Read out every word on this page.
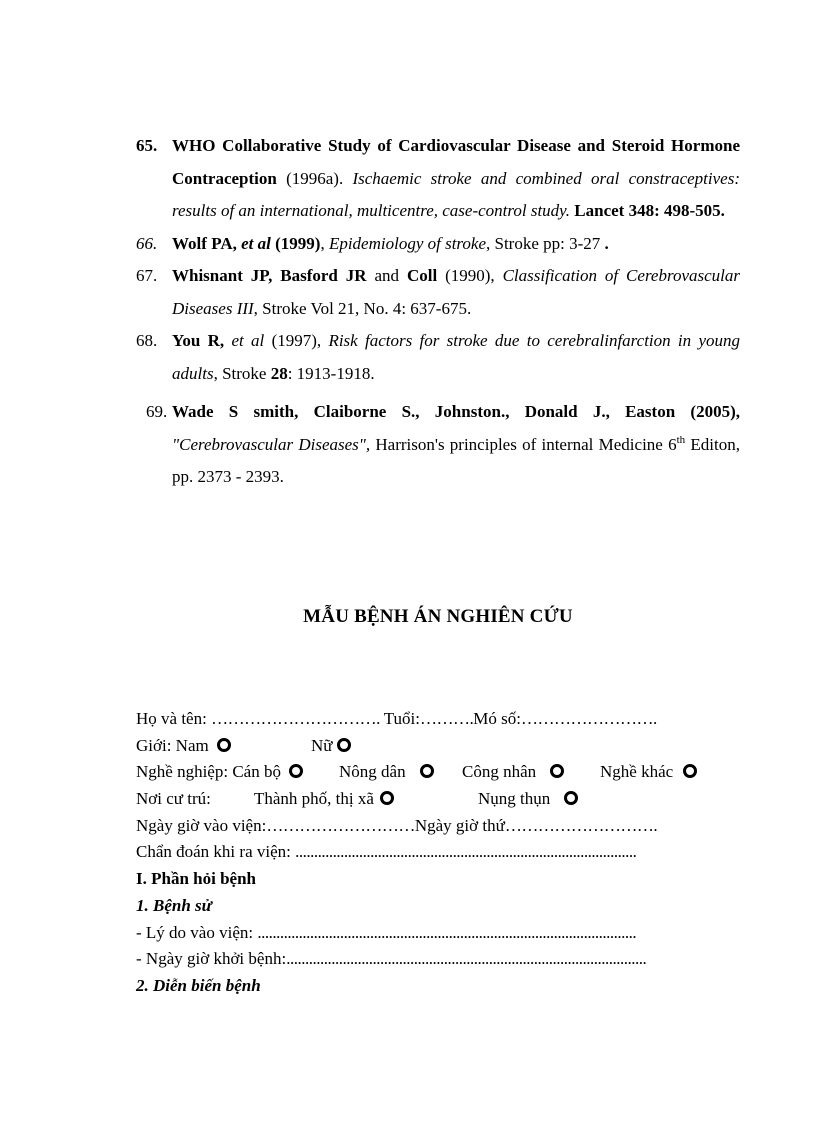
65. WHO Collaborative Study of Cardiovascular Disease and Steroid Hormone Contraception (1996a). Ischaemic stroke and combined oral constraceptives: results of an international, multicentre, case-control study. Lancet 348: 498-505.
66. Wolf PA, et al (1999), Epidemiology of stroke, Stroke pp: 3-27 .
67. Whisnant JP, Basford JR and Coll (1990), Classification of Cerebrovascular Diseases III, Stroke Vol 21, No. 4: 637-675.
68. You R, et al (1997), Risk factors for stroke due to cerebralinfarction in young adults, Stroke 28: 1913-1918.
69. Wade S smith, Claiborne S., Johnston., Donald J., Easton (2005), "Cerebrovascular Diseases", Harrison's principles of internal Medicine 6th Editon, pp. 2373 - 2393.
MẪU BỆNH ÁN NGHIÊN CỨU
Họ và tên: …………………………. Tuổi:……….Mó số:…………………….
Giới: Nam	Nữ
Nghề nghiệp: Cán bộ	Nông dân	Công nhân	Nghề khác
Nơi cư trú:	Thành phố, thị xã	Nụng thụn
Ngày giờ vào viện:………………………Ngày giờ thứ……………………….
Chẩn đoán khi ra viện: ...........................................................................................
I. Phần hỏi bệnh
1. Bệnh sử
- Lý do vào viện: .....................................................................................................
- Ngày giờ khởi bệnh:................................................................................................
2. Diễn biến bệnh
